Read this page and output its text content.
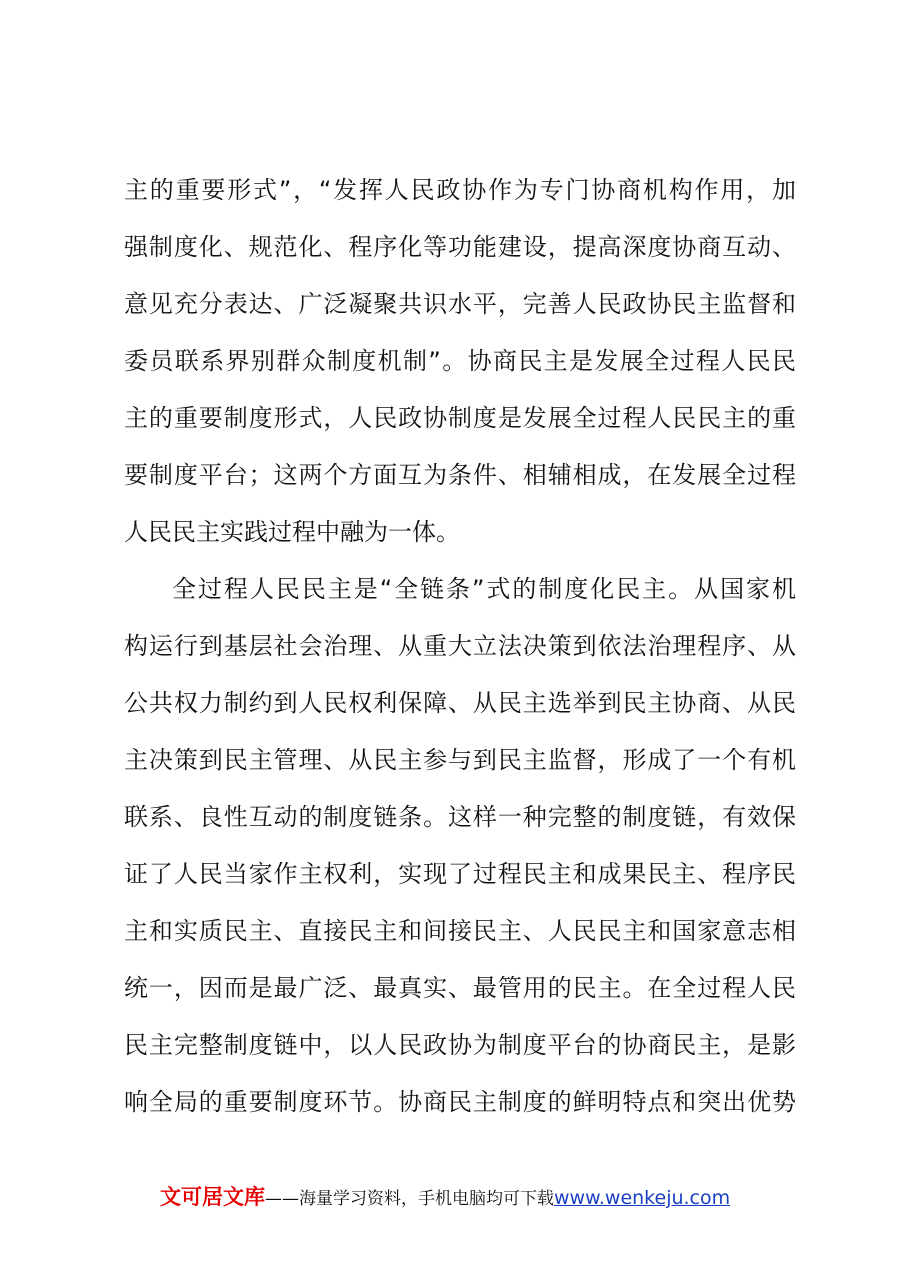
主的重要形式”，“发挥人民政协作为专门协商机构作用，加
强制度化、规范化、程序化等功能建设，提高深度协商互动、
意见充分表达、广泛凝聚共识水平，完善人民政协民主监督和
委员联系界别群众制度机制”。协商民主是发展全过程人民民
主的重要制度形式，人民政协制度是发展全过程人民民主的重
要制度平台；这两个方面互为条件、相辅相成，在发展全过程
人民民主实践过程中融为一体。
全过程人民民主是“全链条”式的制度化民主。从国家机
构运行到基层社会治理、从重大立法决策到依法治理程序、从
公共权力制约到人民权利保障、从民主选举到民主协商、从民
主决策到民主管理、从民主参与到民主监督，形成了一个有机
联系、良性互动的制度链条。这样一种完整的制度链，有效保
证了人民当家作主权利，实现了过程民主和成果民主、程序民
主和实质民主、直接民主和间接民主、人民民主和国家意志相
统一，因而是最广泛、最真实、最管用的民主。在全过程人民
民主完整制度链中，以人民政协为制度平台的协商民主，是影
响全局的重要制度环节。协商民主制度的鲜明特点和突出优势
文可居文库——海量学习资料，手机电脑均可下载www.wenkeju.com
